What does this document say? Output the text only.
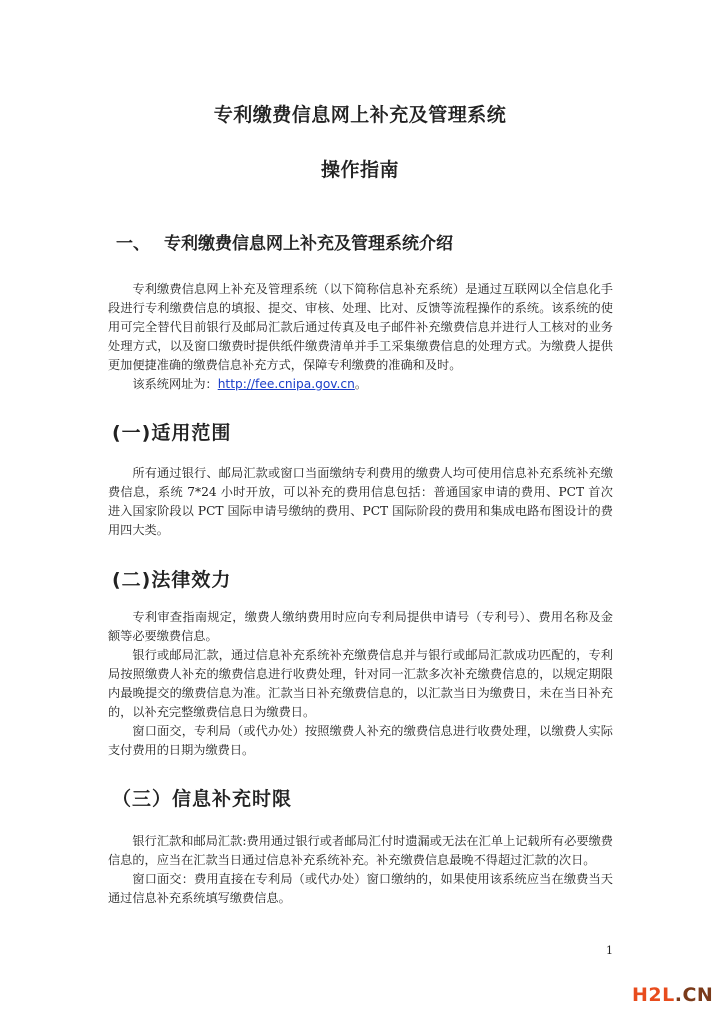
专利缴费信息网上补充及管理系统
操作指南
一、 专利缴费信息网上补充及管理系统介绍

专利缴费信息网上补充及管理系统（以下简称信息补充系统）是通过互联网以全信息化手段进行专利缴费信息的填报、提交、审核、处理、比对、反馈等流程操作的系统。该系统的使用可完全替代目前银行及邮局汇款后通过传真及电子邮件补充缴费信息并进行人工核对的业务处理方式，以及窗口缴费时提供纸件缴费清单并手工采集缴费信息的处理方式。为缴费人提供更加便捷准确的缴费信息补充方式，保障专利缴费的准确和及时。

该系统网址为：http://fee.cnipa.gov.cn。

(一)适用范围

所有通过银行、邮局汇款或窗口当面缴纳专利费用的缴费人均可使用信息补充系统补充缴费信息，系统 7*24 小时开放，可以补充的费用信息包括：普通国家申请的费用、PCT 首次进入国家阶段以 PCT 国际申请号缴纳的费用、PCT 国际阶段的费用和集成电路布图设计的费用四大类。

(二)法律效力

专利审查指南规定，缴费人缴纳费用时应向专利局提供申请号（专利号）、费用名称及金额等必要缴费信息。

银行或邮局汇款，通过信息补充系统补充缴费信息并与银行或邮局汇款成功匹配的，专利局按照缴费人补充的缴费信息进行收费处理，针对同一汇款多次补充缴费信息的，以规定期限内最晚提交的缴费信息为准。汇款当日补充缴费信息的，以汇款当日为缴费日，未在当日补充的，以补充完整缴费信息日为缴费日。

窗口面交，专利局（或代办处）按照缴费人补充的缴费信息进行收费处理，以缴费人实际支付费用的日期为缴费日。

（三）信息补充时限

银行汇款和邮局汇款:费用通过银行或者邮局汇付时遗漏或无法在汇单上记载所有必要缴费信息的，应当在汇款当日通过信息补充系统补充。补充缴费信息最晚不得超过汇款的次日。

窗口面交：费用直接在专利局（或代办处）窗口缴纳的，如果使用该系统应当在缴费当天通过信息补充系统填写缴费信息。

1
H2L.CN
